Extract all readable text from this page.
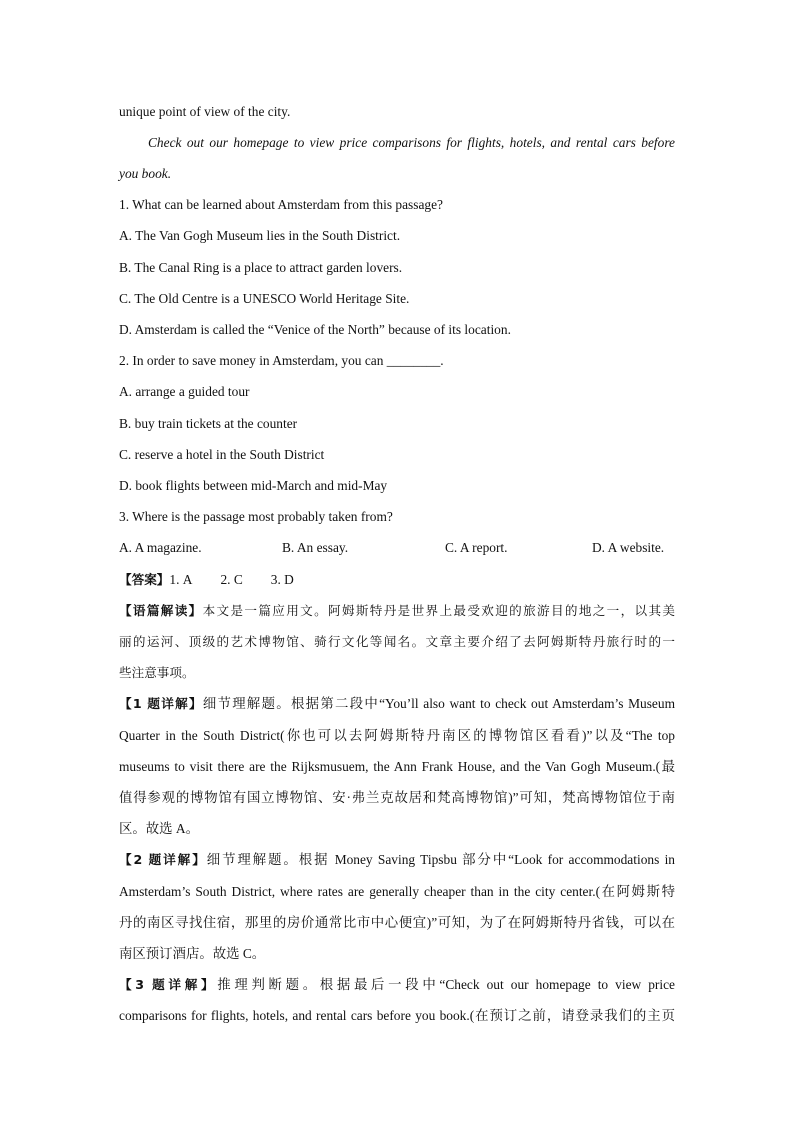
unique point of view of the city.
Check out our homepage to view price comparisons for flights, hotels, and rental cars before
you book.
1. What can be learned about Amsterdam from this passage?
A. The Van Gogh Museum lies in the South District.
B. The Canal Ring is a place to attract garden lovers.
C. The Old Centre is a UNESCO World Heritage Site.
D. Amsterdam is called the “Venice of the North” because of its location.
2. In order to save money in Amsterdam, you can ________.
A. arrange a guided tour
B. buy train tickets at the counter
C. reserve a hotel in the South District
D. book flights between mid-March and mid-May
3. Where is the passage most probably taken from?
A. A magazine.	B. An essay.	C. A report.	D. A website.
【答案】1. A 2. C 3. D
【语篇解读】本文是一篇应用文。阿姆斯特丹是世界上最受欢迎的旅游目的地之一，以其美
丽的运河、顶级的艺术博物馆、骑行文化等闻名。文章主要介绍了去阿姆斯特丹旅行时的一
些注意事项。
【1 题详解】细节理解题。根据第二段中“You’ll also want to check out Amsterdam’s Museum
Quarter in the South District(你也可以去阿姆斯特丹南区的博物馆区看看)”以及“The top
museums to visit there are the Rijksmusuem, the Ann Frank House, and the Van Gogh Museum.(最
值得参观的博物馆有国立博物馆、安·弗兰克故居和梵高博物馆)”可知，梵高博物馆位于南
区。故选 A。
【2 题详解】细节理解题。根据 Money Saving Tipsbu 部分中“Look for accommodations in
Amsterdam’s South District, where rates are generally cheaper than in the city center.(在阿姆斯特
丹的南区寻找住宿，那里的房价通常比市中心便宜)”可知，为了在阿姆斯特丹省钱，可以在
南区预订酒店。故选 C。
【3 题详解】推理判断题。根据最后一段中“Check out our homepage to view price
comparisons for flights, hotels, and rental cars before you book.(在预订之前，请登录我们的主页
